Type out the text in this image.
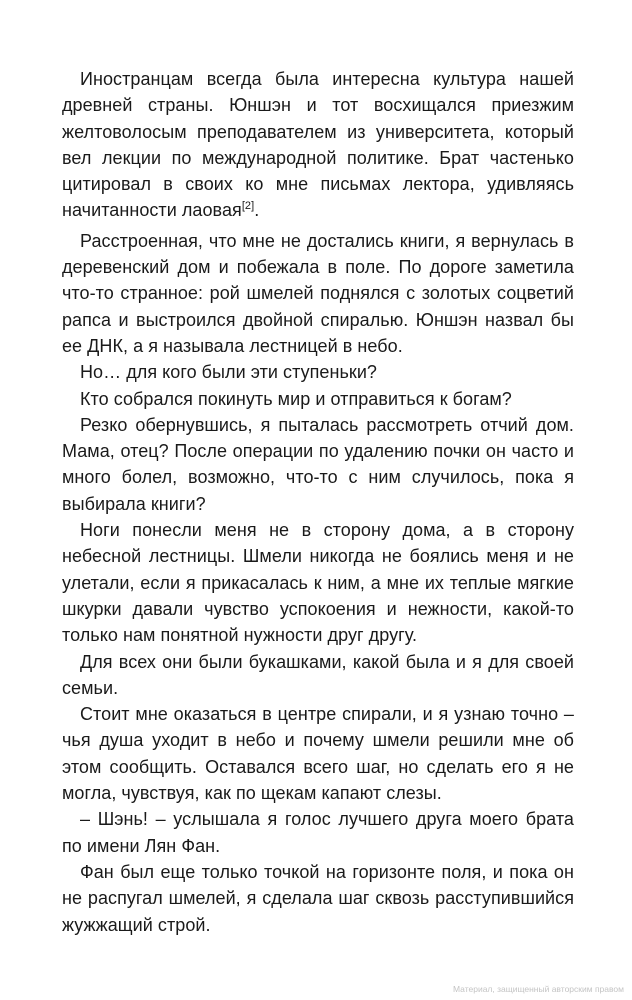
Иностранцам всегда была интересна культура нашей древней страны. Юншэн и тот восхищался приезжим желтоволосым преподавателем из университета, который вел лекции по международной политике. Брат частенько цитировал в своих ко мне письмах лектора, удивляясь начитанности лаовая[2].

Расстроенная, что мне не достались книги, я вернулась в деревенский дом и побежала в поле. По дороге заметила что-то странное: рой шмелей поднялся с золотых соцветий рапса и выстроился двойной спиралью. Юншэн назвал бы ее ДНК, а я называла лестницей в небо.

Но… для кого были эти ступеньки?

Кто собрался покинуть мир и отправиться к богам?

Резко обернувшись, я пыталась рассмотреть отчий дом. Мама, отец? После операции по удалению почки он часто и много болел, возможно, что-то с ним случилось, пока я выбирала книги?

Ноги понесли меня не в сторону дома, а в сторону небесной лестницы. Шмели никогда не боялись меня и не улетали, если я прикасалась к ним, а мне их теплые мягкие шкурки давали чувство успокоения и нежности, какой-то только нам понятной нужности друг другу.

Для всех они были букашками, какой была и я для своей семьи.

Стоит мне оказаться в центре спирали, и я узнаю точно – чья душа уходит в небо и почему шмели решили мне об этом сообщить. Оставался всего шаг, но сделать его я не могла, чувствуя, как по щекам капают слезы.

– Шэнь! – услышала я голос лучшего друга моего брата по имени Лян Фан.

Фан был еще только точкой на горизонте поля, и пока он не распугал шмелей, я сделала шаг сквозь расступившийся жужжащий строй.

Материал, защищенный авторским правом
